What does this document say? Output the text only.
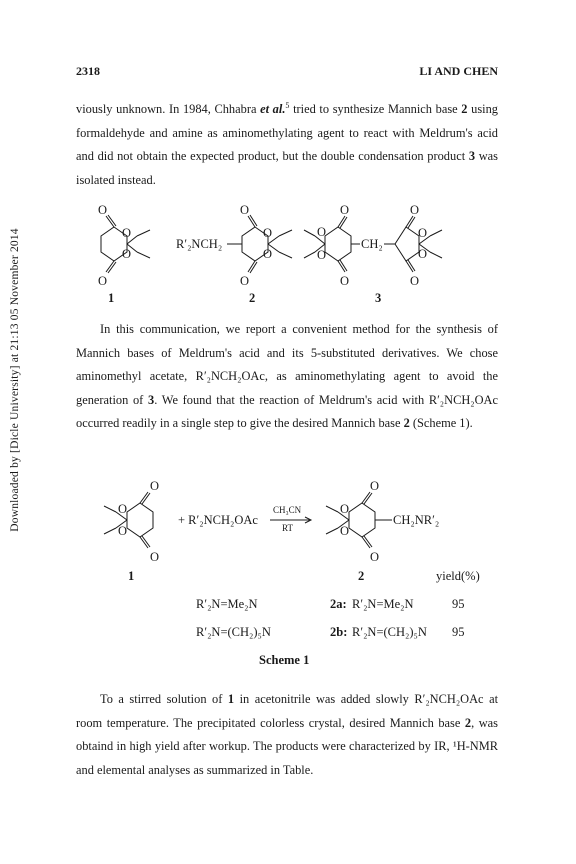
Downloaded by [Dicle University] at 21:13 05 November 2014
2318	LI AND CHEN

viously unknown. In 1984, Chhabra et al.$^5$ tried to synthesize Mannich base 2 using formaldehyde and amine as aminomethylating agent to react with Meldrum's acid and did not obtain the expected product, but the double condensation product 3 was isolated instead.

O
O
O
O
O
O
O
O
R′₂NCH₂
O
O
O
O
CH₂
O
O
O
O
1	2	3

In this communication, we report a convenient method for the synthesis of Mannich bases of Meldrum's acid and its 5-substituted derivatives. We chose aminomethyl acetate, R′₂NCH₂OAc, as aminomethylating agent to avoid the generation of 3. We found that the reaction of Meldrum's acid with R′₂NCH₂OAc occurred readily in a single step to give the desired Mannich base 2 (Scheme 1).

O
O
O
O
+ R′₂NCH₂OAc
CH₃CN
RT
O
O
O
O
CH₂NR′₂
1	2	yield(%)
R′₂N=Me₂N	2a: R′₂N=Me₂N	95
R′₂N=(CH₂)₅N	2b: R′₂N=(CH₂)₅N 95
Scheme 1

To a stirred solution of 1 in acetonitrile was added slowly R′₂NCH₂OAc at room temperature. The precipitated colorless crystal, desired Mannich base 2, was obtaind in high yield after workup. The products were characterized by IR, ¹H-NMR and elemental analyses as summarized in Table.
